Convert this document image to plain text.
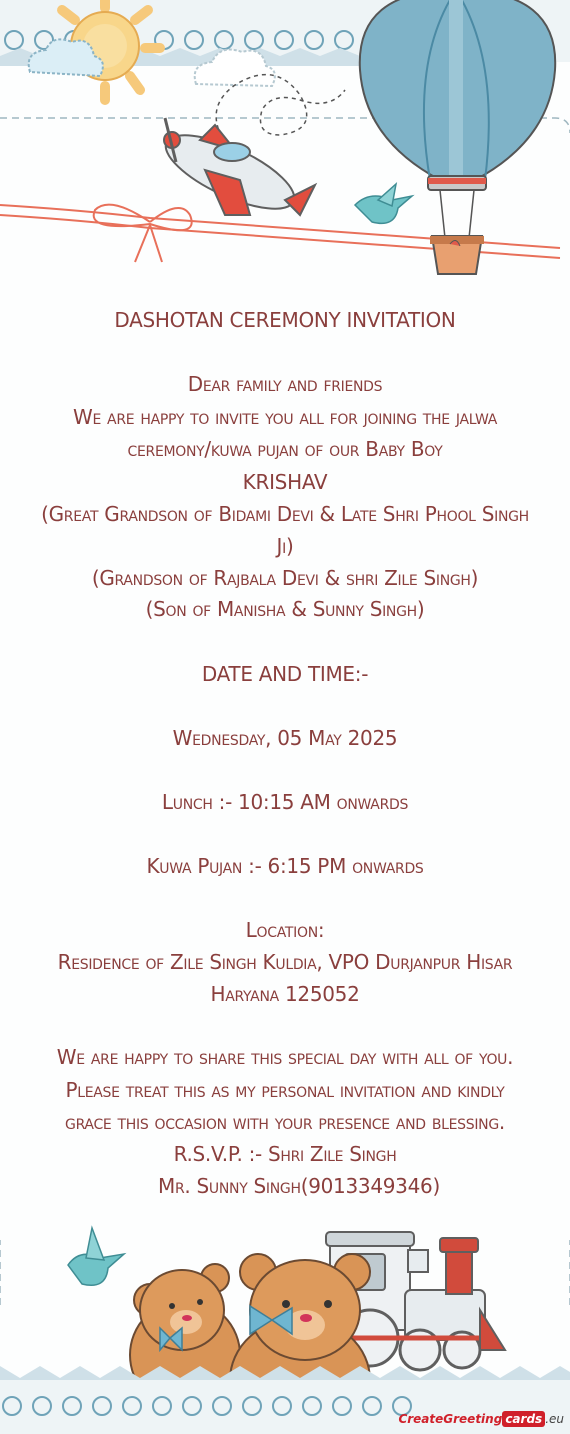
DASHOTAN CEREMONY INVITATION
Dear family and friends
We are happy to invite you all for joining the jalwa
ceremony/kuwa pujan of our Baby Boy
KRISHAV
(Great Grandson of Bidami Devi & Late Shri Phool Singh
Ji)
(Grandson of Rajbala Devi & shri Zile Singh)
(Son of Manisha & Sunny Singh)
DATE AND TIME:-
Wednesday, 05 May 2025
Lunch :- 10:15 AM onwards
Kuwa Pujan :- 6:15 PM onwards
Location:
Residence of Zile Singh Kuldia, VPO Durjanpur Hisar
Haryana 125052
We are happy to share this special day with all of you.
Please treat this as my personal invitation and kindly
grace this occasion with your presence and blessing.
R.S.V.P. :- Shri Zile Singh
Mr. Sunny Singh(9013349346)
CreateGreeting cards .eu
